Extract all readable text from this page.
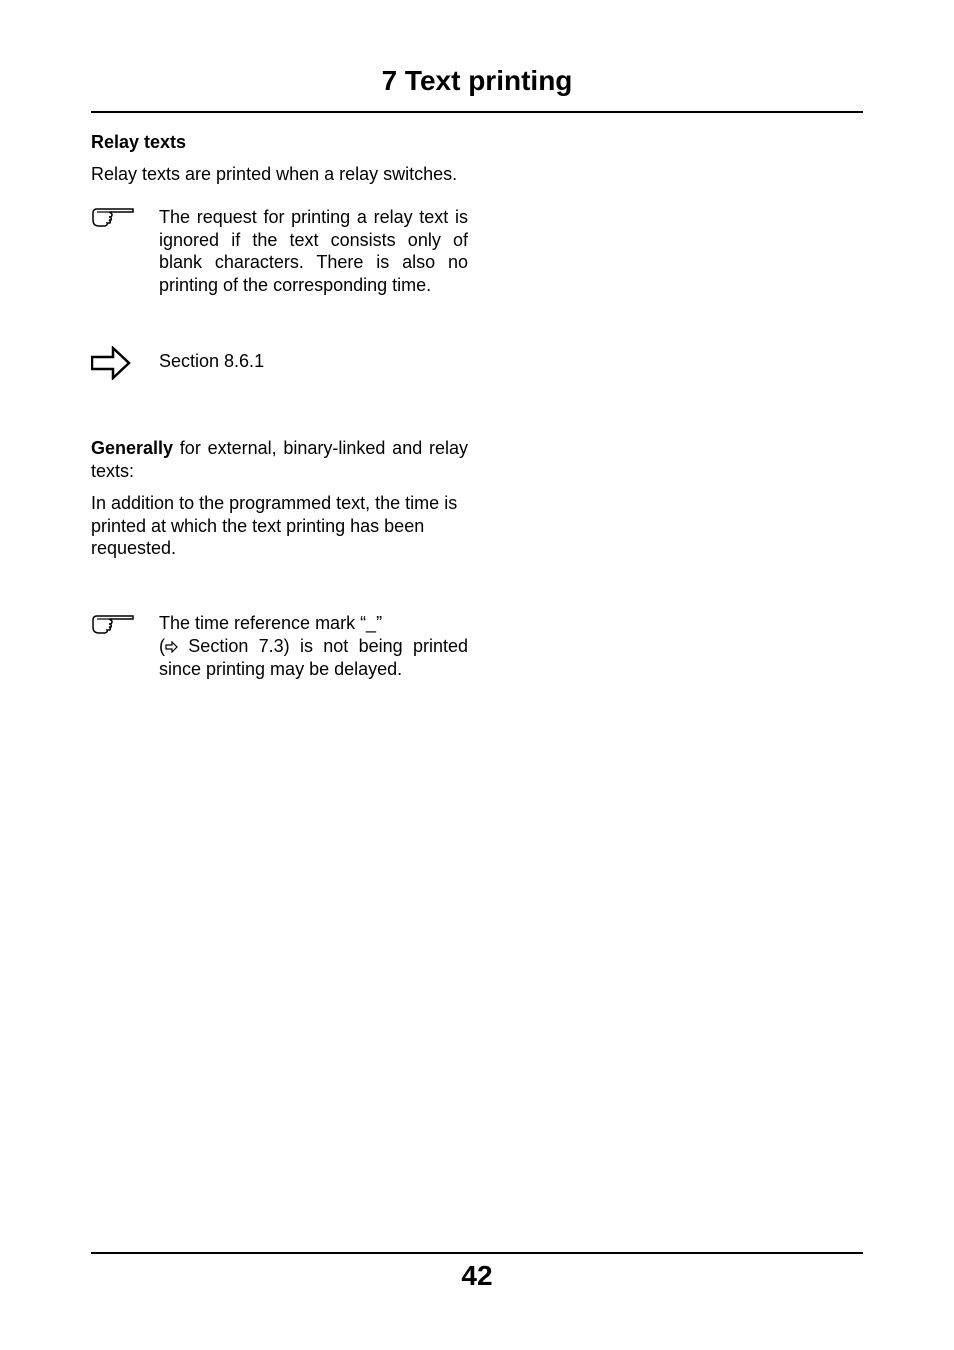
7 Text printing
Relay texts
Relay texts are printed when a relay switches.
The request for printing a relay text is ignored if the text consists only of blank characters. There is also no printing of the corresponding time.
Section 8.6.1
Generally for external, binary-linked and relay texts:
In addition to the programmed text, the time is printed at which the text printing has been requested.
The time reference mark “_”
( Section 7.3) is not being printed since printing may be delayed.
42
